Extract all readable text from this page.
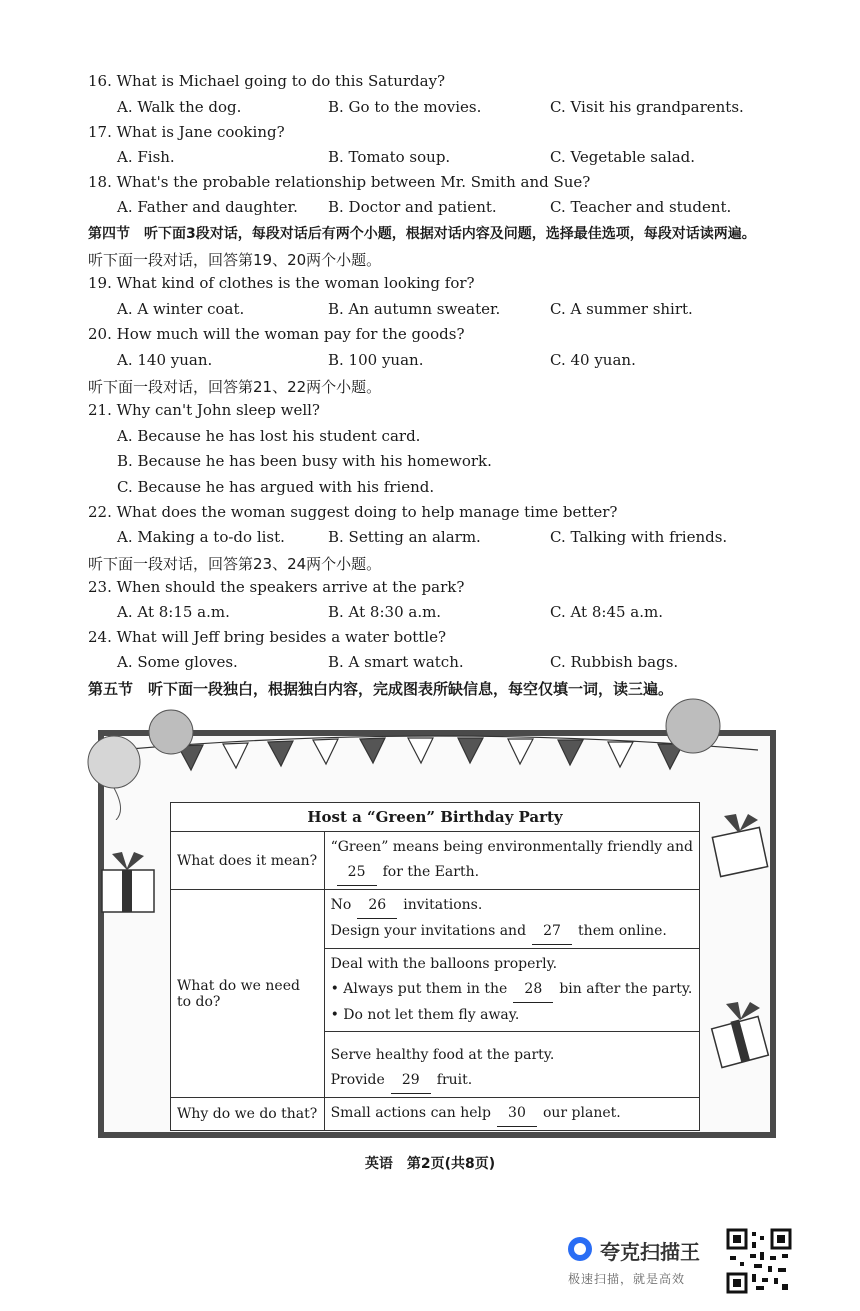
16. What is Michael going to do this Saturday?
A. Walk the dog.	B. Go to the movies.	C. Visit his grandparents.
17. What is Jane cooking?
A. Fish.	B. Tomato soup.	C. Vegetable salad.
18. What's the probable relationship between Mr. Smith and Sue?
A. Father and daughter. B. Doctor and patient.	C. Teacher and student.
第四节　听下面3段对话，每段对话后有两个小题，根据对话内容及问题，选择最佳选项，每段对话读两遍。
听下面一段对话，回答第19、20两个小题。
19. What kind of clothes is the woman looking for?
A. A winter coat.	B. An autumn sweater.	C. A summer shirt.
20. How much will the woman pay for the goods?
A. 140 yuan.	B. 100 yuan.	C. 40 yuan.
听下面一段对话，回答第21、22两个小题。
21. Why can't John sleep well?
A. Because he has lost his student card.
B. Because he has been busy with his homework.
C. Because he has argued with his friend.
22. What does the woman suggest doing to help manage time better?
A. Making a to-do list.	B. Setting an alarm.	C. Talking with friends.
听下面一段对话，回答第23、24两个小题。
23. When should the speakers arrive at the park?
A. At 8:15 a.m.	B. At 8:30 a.m.	C. At 8:45 a.m.
24. What will Jeff bring besides a water bottle?
A. Some gloves.	B. A smart watch.	C. Rubbish bags.
第五节　听下面一段独白，根据独白内容，完成图表所缺信息，每空仅填一词，读三遍。
Host a “Green” Birthday Party	
What does it mean?	“Green” means being environmentally friendly and
25 for the Earth.

What do we need to do?	No 26 invitations.
Design your invitations and 27 them online.

	Deal with the balloons properly.
• Always put them in the 28 bin after the party.
• Do not let them fly away.

	Serve healthy food at the party.
Provide 29 fruit.

Why do we do that?	Small actions can help 30 our planet.
英语　第2页(共8页)
夸克扫描王
极速扫描，就是高效
